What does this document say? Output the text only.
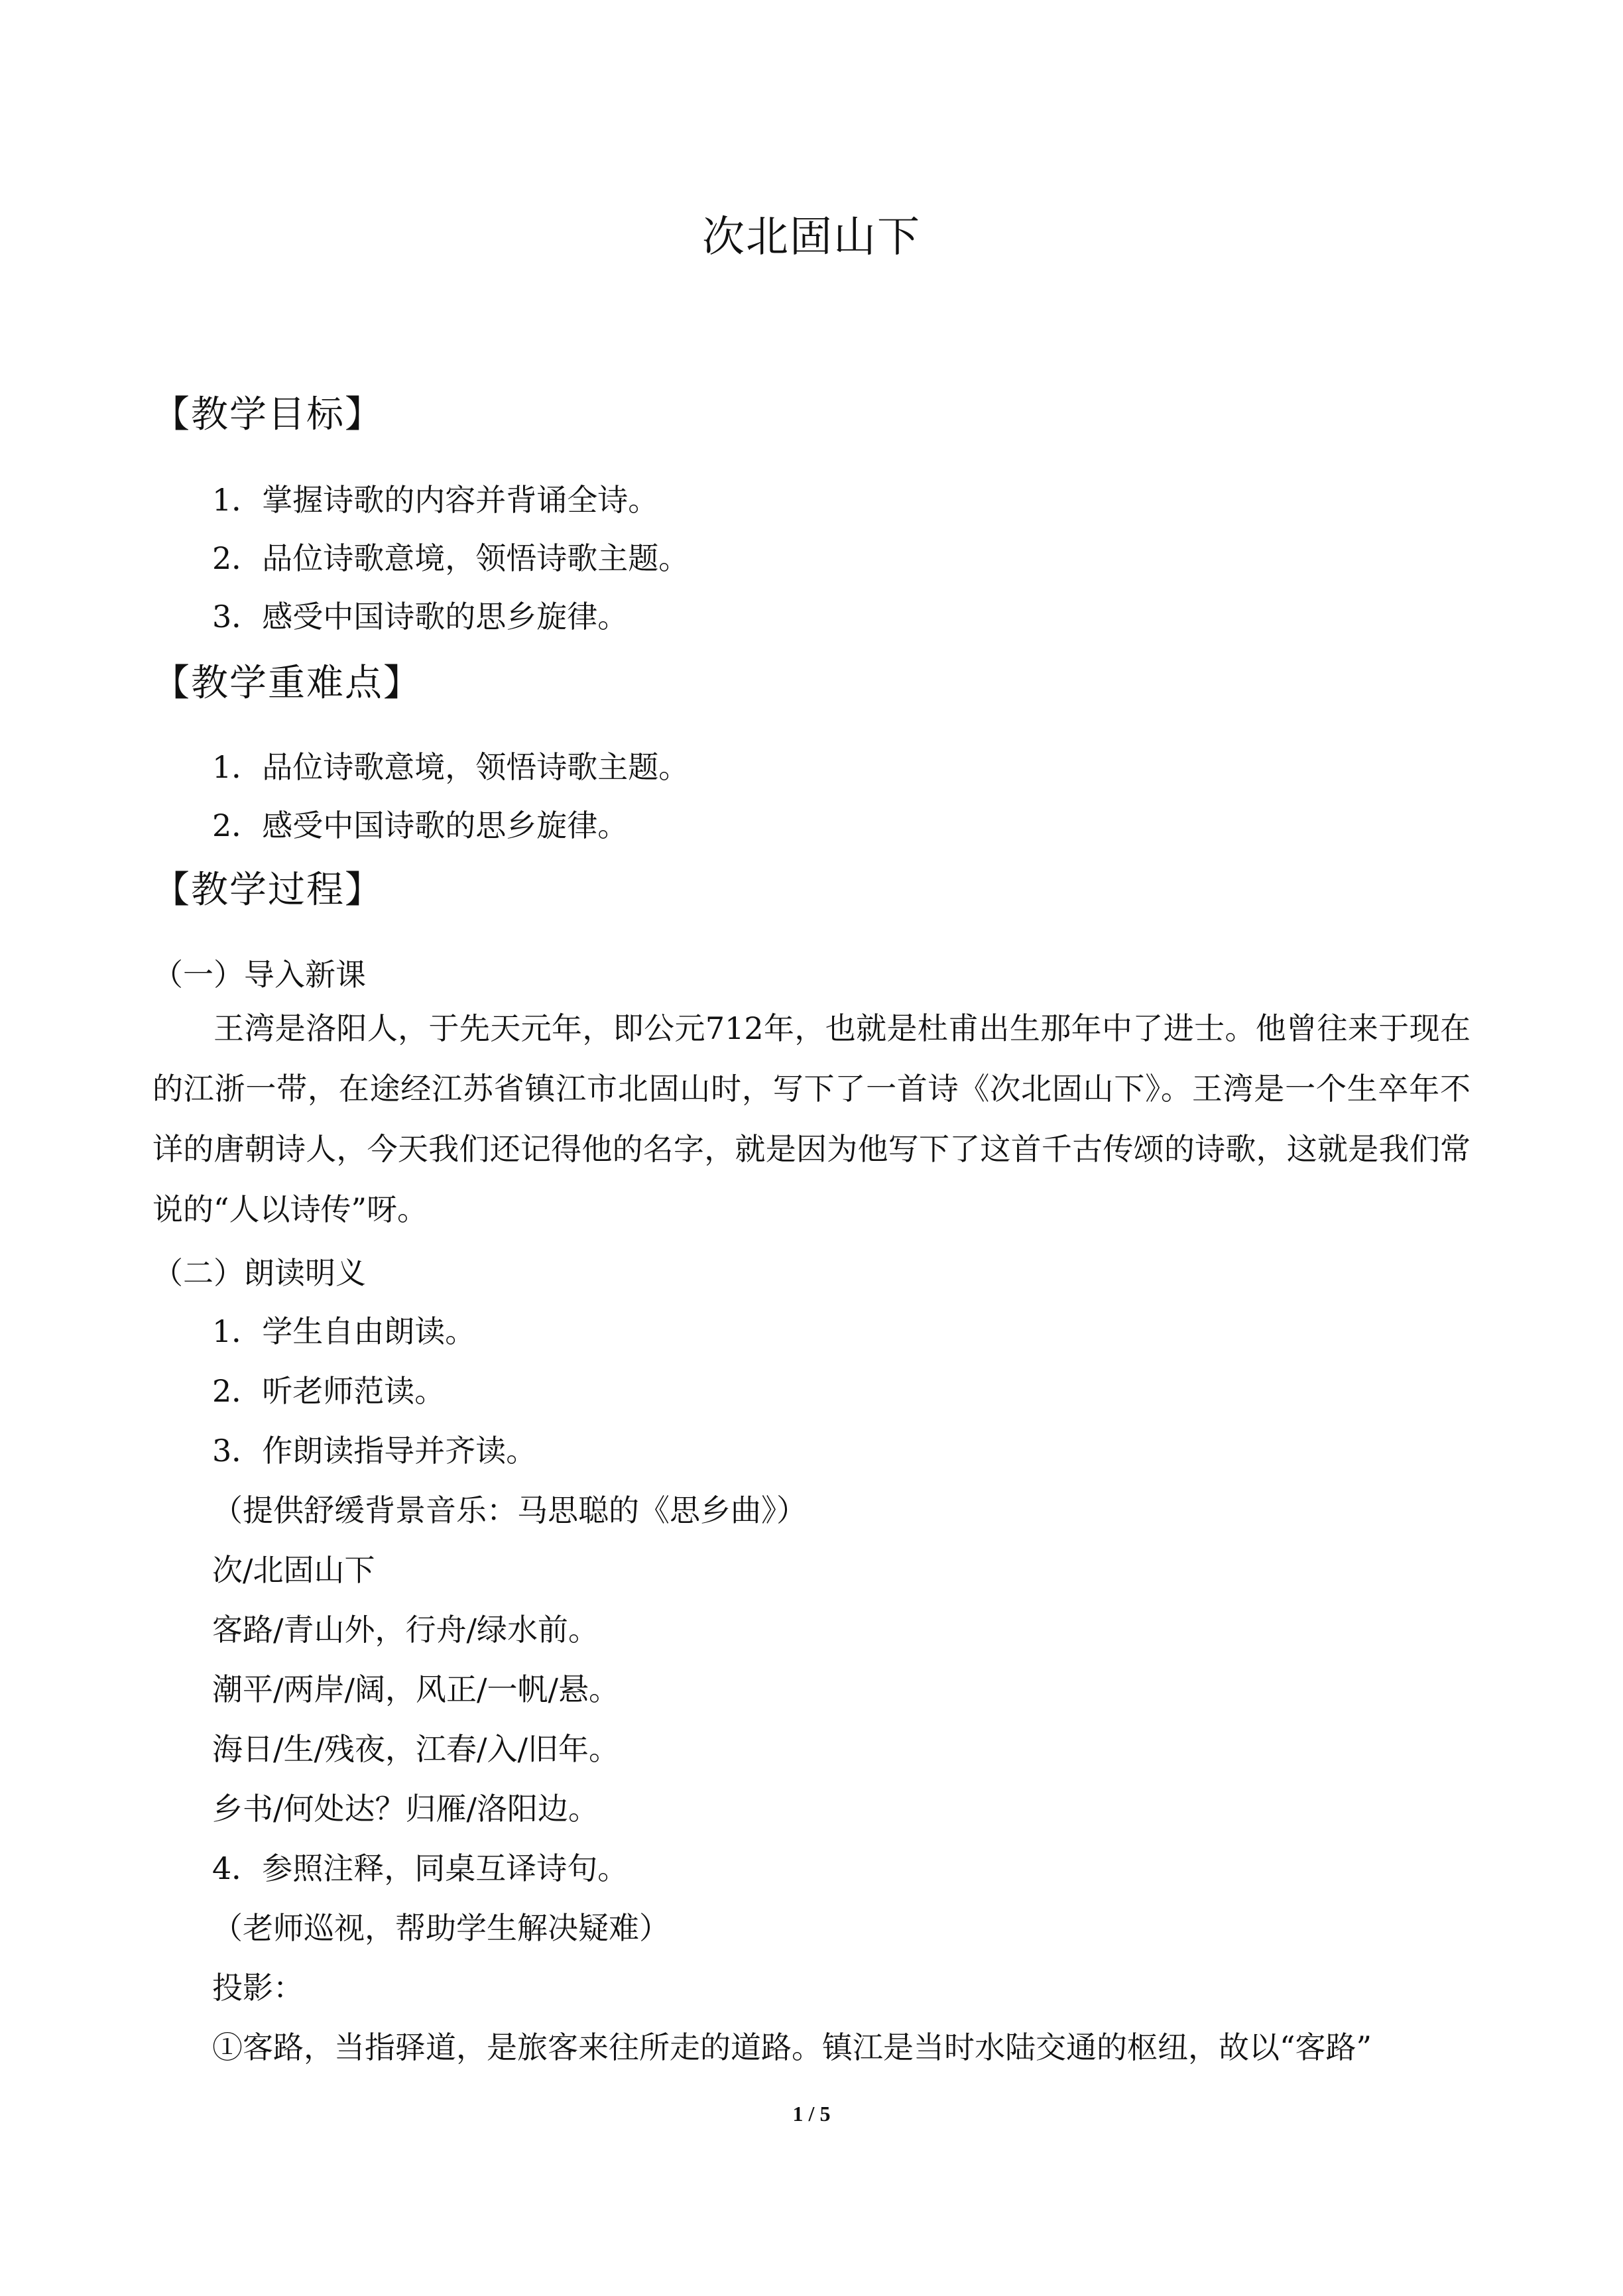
次北固山下
【教学目标】
1．掌握诗歌的内容并背诵全诗。
2．品位诗歌意境，领悟诗歌主题。
3．感受中国诗歌的思乡旋律。
【教学重难点】
1．品位诗歌意境，领悟诗歌主题。
2．感受中国诗歌的思乡旋律。
【教学过程】
（一）导入新课
王湾是洛阳人，于先天元年，即公元712年，也就是杜甫出生那年中了进士。他曾往来于现在的江浙一带，在途经江苏省镇江市北固山时，写下了一首诗《次北固山下》。王湾是一个生卒年不详的唐朝诗人，今天我们还记得他的名字，就是因为他写下了这首千古传颂的诗歌，这就是我们常说的“人以诗传”呀。
（二）朗读明义
1．学生自由朗读。
2．听老师范读。
3．作朗读指导并齐读。
（提供舒缓背景音乐：马思聪的《思乡曲》）
次/北固山下
客路/青山外，行舟/绿水前。
潮平/两岸/阔，风正/一帆/悬。
海日/生/残夜，江春/入/旧年。
乡书/何处达？归雁/洛阳边。
4．参照注释，同桌互译诗句。
（老师巡视，帮助学生解决疑难）
投影：
①客路，当指驿道，是旅客来往所走的道路。镇江是当时水陆交通的枢纽，故以“客路”
1 / 5
